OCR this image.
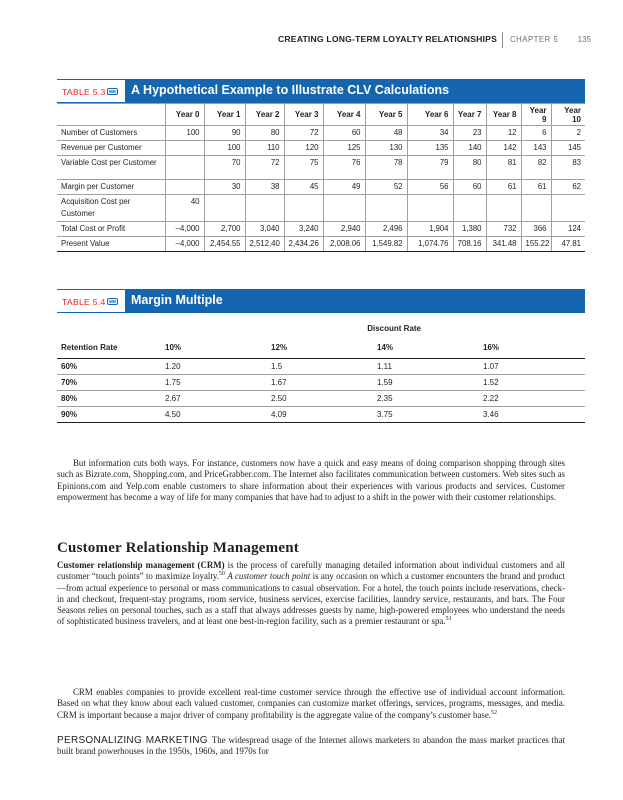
CREATING LONG-TERM LOYALTY RELATIONSHIPS CHAPTER 5 135
TABLE 5.3 A Hypothetical Example to Illustrate CLV Calculations
	Year 0	Year 1	Year 2	Year 3	Year 4	Year 5	Year 6	Year 7	Year 8	Year 9	Year 10
Number of Customers	100	90	80	72	60	48	34	23	12	6	2
Revenue per Customer		100	110	120	125	130	135	140	142	143	145
Variable Cost per Customer		70	72	75	76	78	79	80	81	82	83
Margin per Customer		30	38	45	49	52	56	60	61	61	62
Acquisition Cost per Customer	40										
Total Cost or Profit	–4,000	2,700	3,040	3,240	2,940	2,496	1,904	1,380	732	366	124
Present Value	–4,000	2,454.55	2,512.40	2,434.26	2,008.06	1,549.82	1,074.76	708.16	341.48	155.22	47.81
TABLE 5.4 Margin Multiple
Discount Rate				
Retention Rate	10%	12%	14%	16%
60%	1.20	1.5	1.11	1.07
70%	1.75	1.67	1.59	1.52
80%	2.67	2.50	2.35	2.22
90%	4.50	4.09	3.75	3.46

But information cuts both ways. For instance, customers now have a quick and easy means of doing comparison shopping through sites such as Bizrate.com, Shopping.com, and PriceGrabber.com. The Internet also facilitates communication between customers. Web sites such as Epinions.com and Yelp.com enable customers to share information about their experiences with various products and services. Customer empowerment has become a way of life for many companies that have had to adjust to a shift in the power with their customer relationships.

Customer Relationship Management

Customer relationship management (CRM) is the process of carefully managing detailed information about individual customers and all customer “touch points” to maximize loyalty.$^{50}$ A customer touch point is any occasion on which a customer encounters the brand and product—from actual experience to personal or mass communications to casual observation. For a hotel, the touch points include reservations, check-in and checkout, frequent-stay programs, room service, business services, exercise facilities, laundry service, restaurants, and bars. The Four Seasons relies on personal touches, such as a staff that always addresses guests by name, high-powered employees who understand the needs of sophisticated business travelers, and at least one best-in-region facility, such as a premier restaurant or spa.$^{51}$

CRM enables companies to provide excellent real-time customer service through the effective use of individual account information. Based on what they know about each valued customer, companies can customize market offerings, services, programs, messages, and media. CRM is important because a major driver of company profitability is the aggregate value of the company’s customer base.$^{52}$

PERSONALIZING MARKETING The widespread usage of the Internet allows marketers to abandon the mass market practices that built brand powerhouses in the 1950s, 1960s, and 1970s for
